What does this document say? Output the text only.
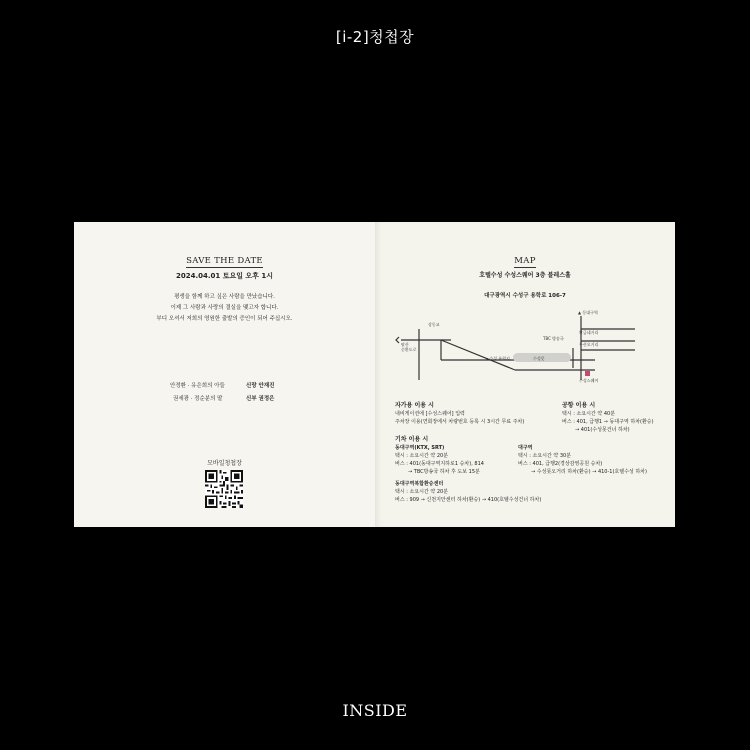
[i-2]청첩장
SAVE THE DATE
2024.04.01 토요일 오후 1시
평생을 함께 하고 싶은 사람을 만났습니다.
이제 그 사람과 사랑의 결실을 맺고자 합니다.
부디 오셔서 저희의 영원한 출발의 증인이 되어 주십시오.
안정환 · 유은희의 아들	신랑 안재진
권세광 · 정순분의 딸	신부 권정은
모바일청첩장
MAP
호텔수성 수성스퀘어 3층 블레스홀
대구광역시 수성구 용학로 106-7
상동교
팔산
순환도로
◂ 수성 유원지	수성못
TBC 방송국
▲ 동대구역
황금네거리
두산오거리
수성스퀘어
자가용 이용 시
내비게이션에 [수성스퀘어] 입력
주차장 이용(연회장에서 차량번호 등록 시 3시간 무료 주차)
공항 이용 시
택시 : 소요시간 약 40분
버스 : 401, 급행1 → 동대구역 하차(환승)
→ 401(수성못건너 하차)
기차 이용 시
동대구역(KTX, SRT)
택시 : 소요시간 약 20분
버스 : 401(동대구역지하로1 승차), 814
→ TBC방송국 하차 후 도보 15분
동대구역복합환승센터
택시 : 소요시간 약 20분
버스 : 909 → 신천지안센터 하차(환승) → 410(호텔수성건너 하차)
대구역
택시 : 소요시간 약 30분
버스 : 401, 급행2(경상감영공원 승차)
→ 수성못오거리 하차(환승) → 410-1(호텔수성 하차)
INSIDE
